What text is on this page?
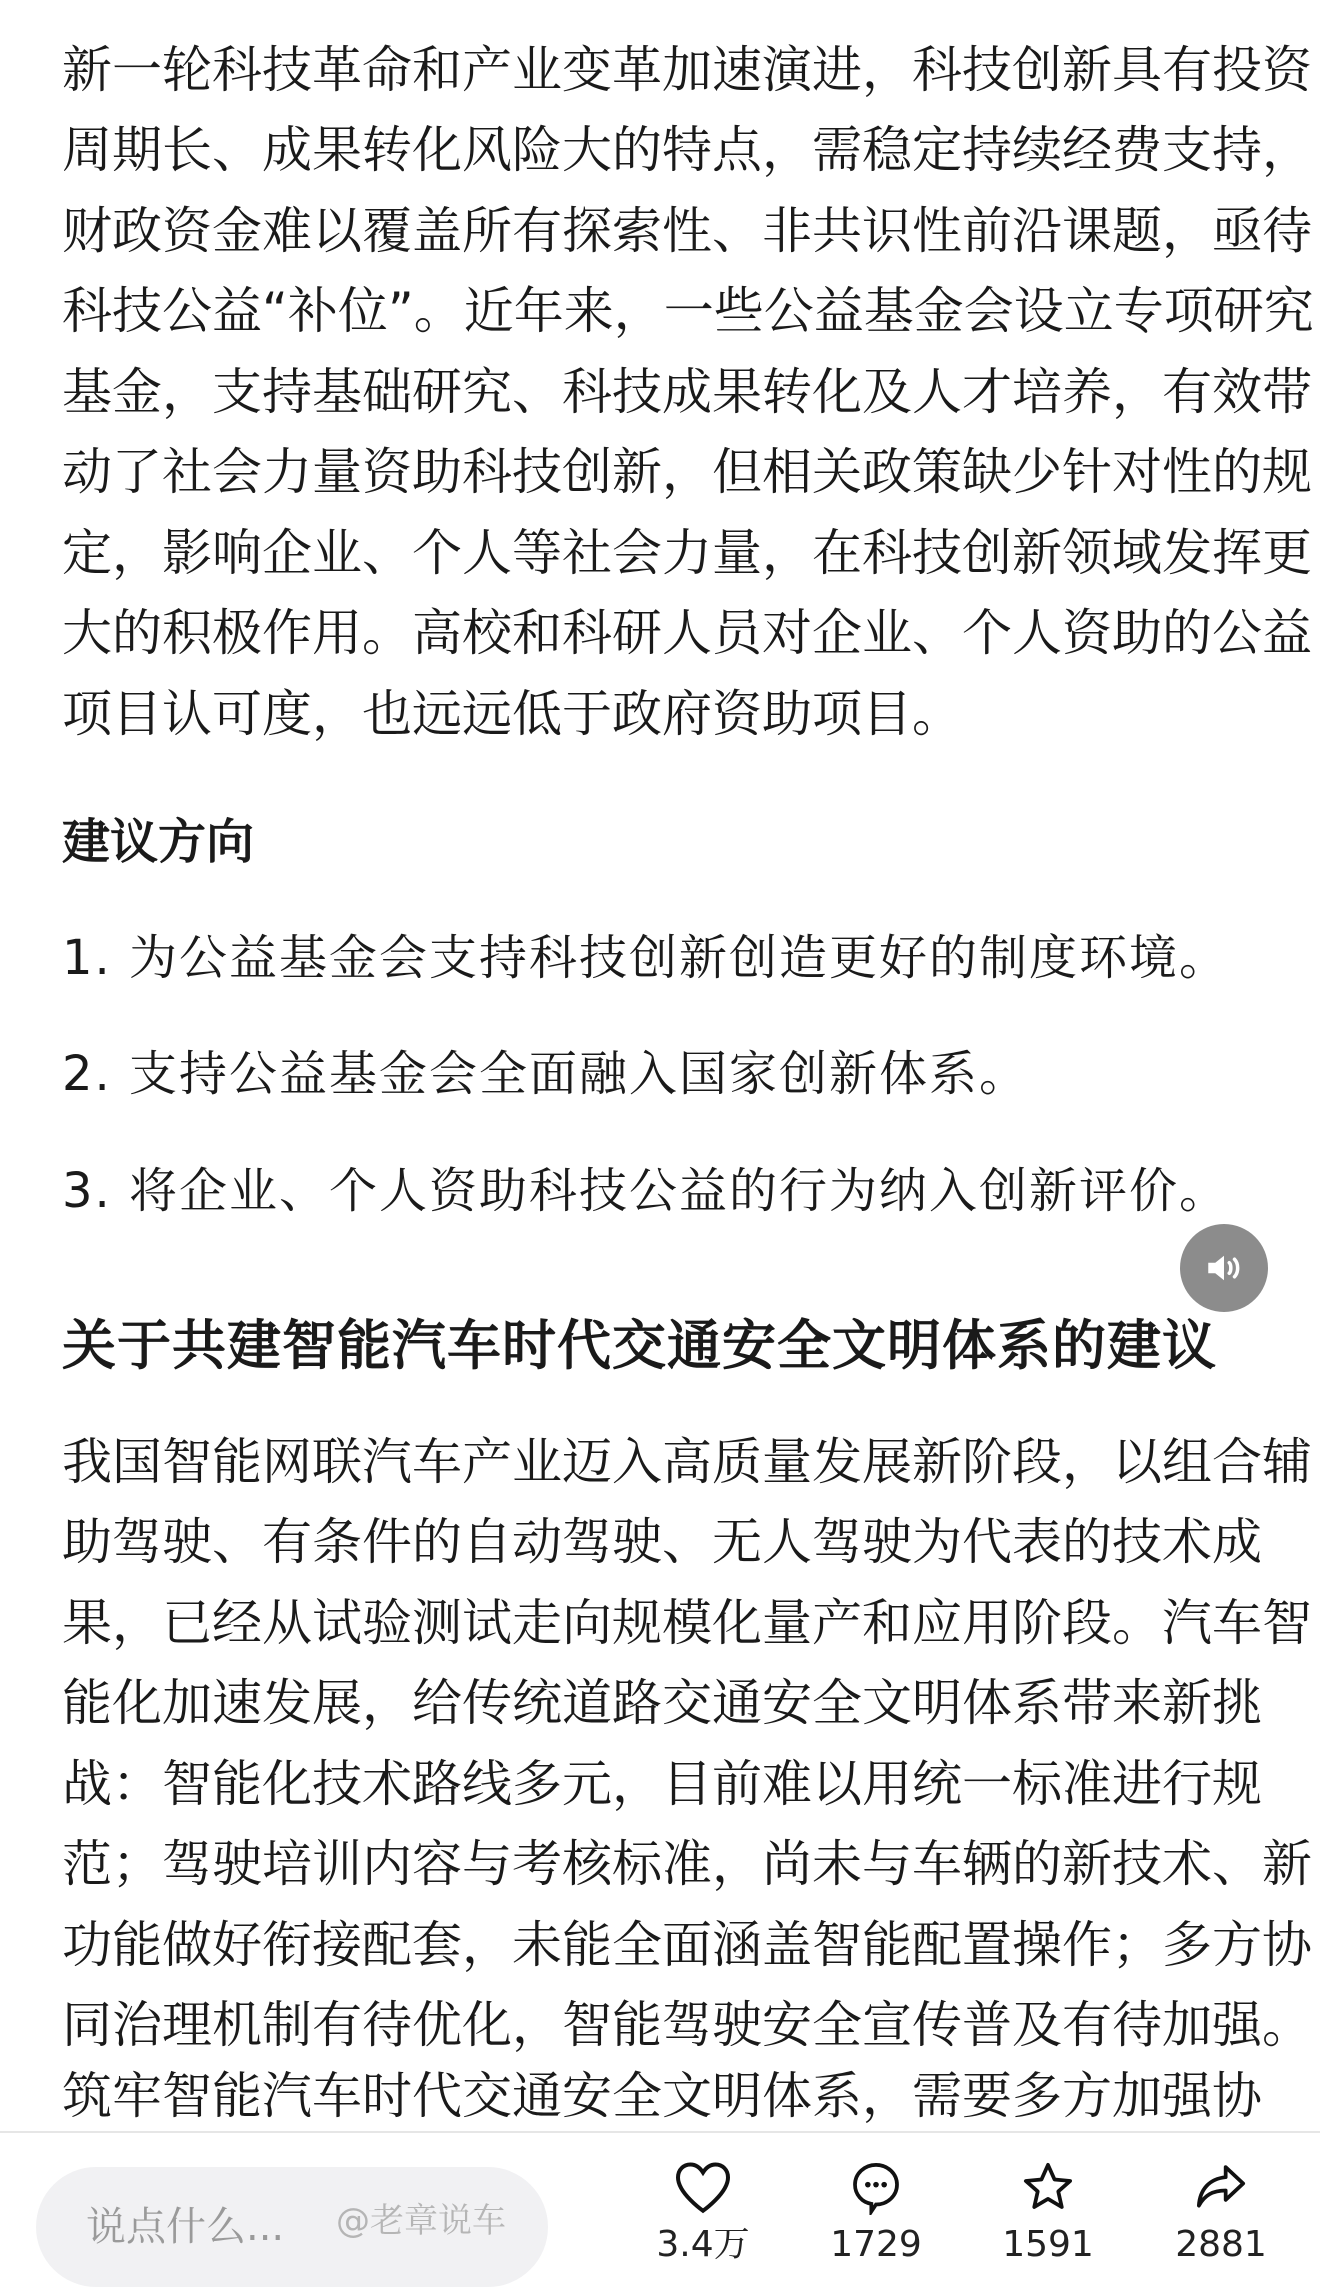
新一轮科技革命和产业变革加速演进，科技创新具有投资
周期长、成果转化风险大的特点，需稳定持续经费支持，
财政资金难以覆盖所有探索性、非共识性前沿课题，亟待
科技公益“补位”。近年来，一些公益基金会设立专项研究
基金，支持基础研究、科技成果转化及人才培养，有效带
动了社会力量资助科技创新，但相关政策缺少针对性的规
定，影响企业、个人等社会力量，在科技创新领域发挥更
大的积极作用。高校和科研人员对企业、个人资助的公益
项目认可度，也远远低于政府资助项目。
建议方向
1. 为公益基金会支持科技创新创造更好的制度环境。
2. 支持公益基金会全面融入国家创新体系。
3. 将企业、个人资助科技公益的行为纳入创新评价。
关于共建智能汽车时代交通安全文明体系的建议
我国智能网联汽车产业迈入高质量发展新阶段，以组合辅
助驾驶、有条件的自动驾驶、无人驾驶为代表的技术成
果，已经从试验测试走向规模化量产和应用阶段。汽车智
能化加速发展，给传统道路交通安全文明体系带来新挑
战：智能化技术路线多元，目前难以用统一标准进行规
范；驾驶培训内容与考核标准，尚未与车辆的新技术、新
功能做好衔接配套，未能全面涵盖智能配置操作；多方协
同治理机制有待优化，智能驾驶安全宣传普及有待加强。
筑牢智能汽车时代交通安全文明体系，需要多方加强协
说点什么... @老章说车
3.4万	1729	1591	2881
